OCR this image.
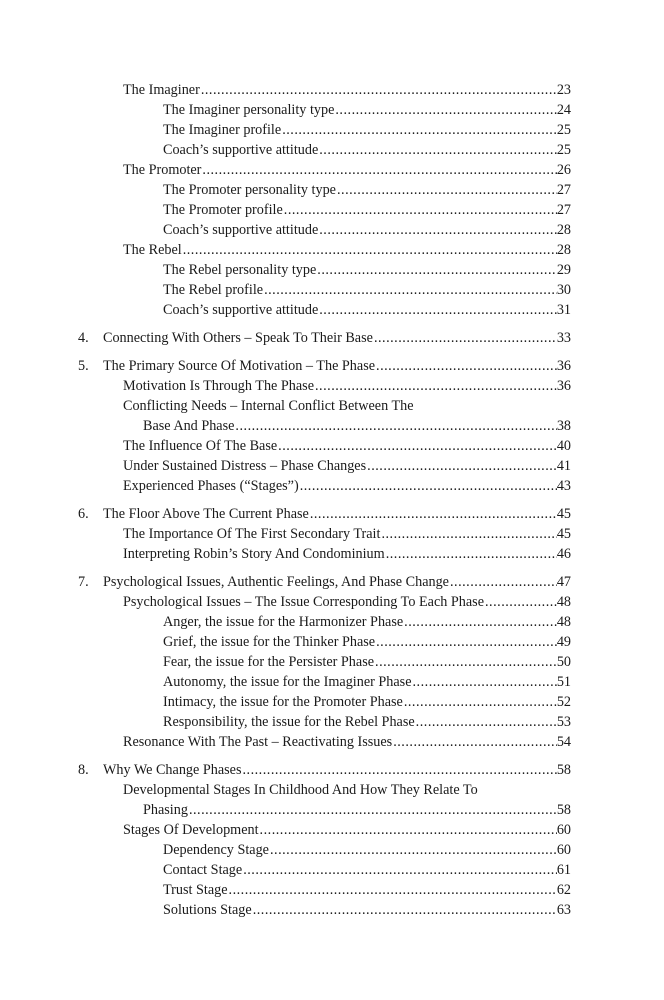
The Imaginer .....	23
The Imaginer personality type .....	24
The Imaginer profile .....	25
Coach’s supportive attitude .....	25
The Promoter .....	26
The Promoter personality type .....	27
The Promoter profile .....	27
Coach’s supportive attitude .....	28
The Rebel .....	28
The Rebel personality type .....	29
The Rebel profile .....	30
Coach’s supportive attitude .....	31
4. Connecting With Others – Speak To Their Base .....	33
5. The Primary Source Of Motivation – The Phase .....	36
Motivation Is Through The Phase .....	36
Conflicting Needs – Internal Conflict Between The
Base And Phase .....	38
The Influence Of The Base .....	40
Under Sustained Distress – Phase Changes .....	41
Experienced Phases (“Stages”) .....	43
6. The Floor Above The Current Phase .....	45
The Importance Of The First Secondary Trait .....	45
Interpreting Robin’s Story And Condominium .....	46
7. Psychological Issues, Authentic Feelings, And Phase Change .....	47
Psychological Issues – The Issue Corresponding To Each Phase .....	48
Anger, the issue for the Harmonizer Phase .....	48
Grief, the issue for the Thinker Phase .....	49
Fear, the issue for the Persister Phase .....	50
Autonomy, the issue for the Imaginer Phase .....	51
Intimacy, the issue for the Promoter Phase .....	52
Responsibility, the issue for the Rebel Phase .....	53
Resonance With The Past – Reactivating Issues .....	54
8. Why We Change Phases .....	58
Developmental Stages In Childhood And How They Relate To
Phasing .....	58
Stages Of Development .....	60
Dependency Stage .....	60
Contact Stage .....	61
Trust Stage .....	62
Solutions Stage .....	63
